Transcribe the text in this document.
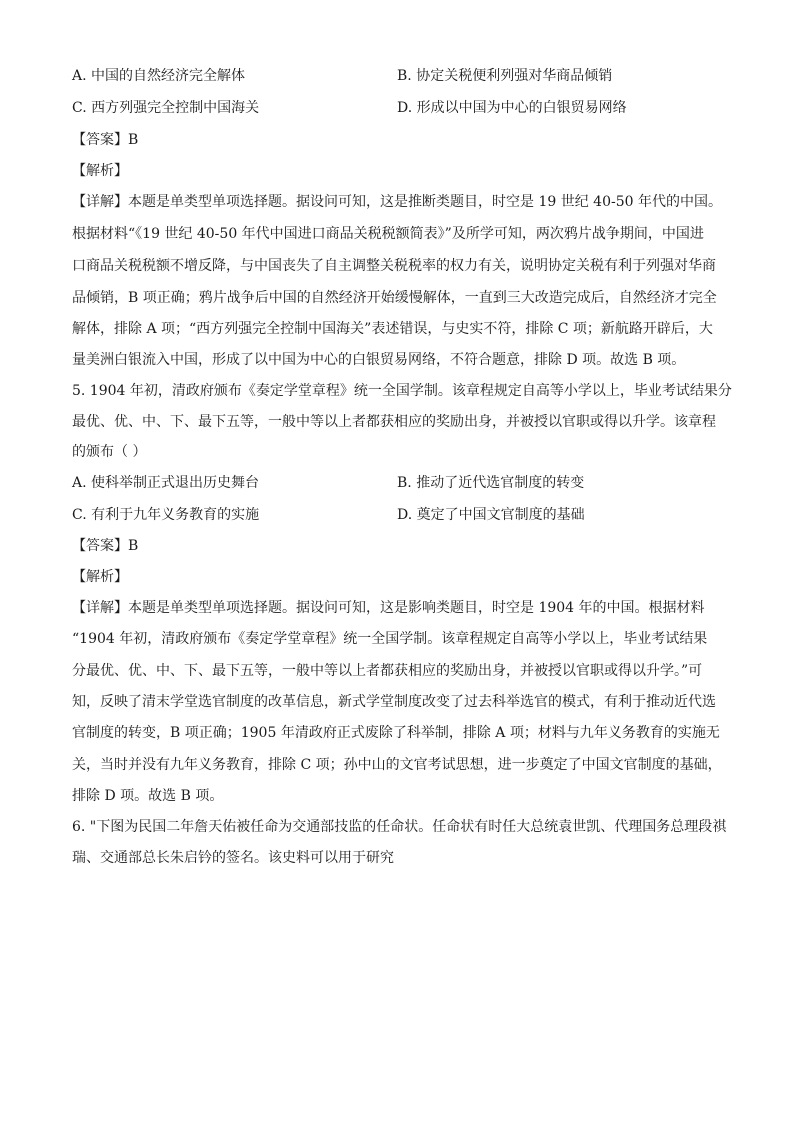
A. 中国的自然经济完全解体	B. 协定关税便利列强对华商品倾销
C. 西方列强完全控制中国海关	D. 形成以中国为中心的白银贸易网络
【答案】B
【解析】
【详解】本题是单类型单项选择题。据设问可知，这是推断类题目，时空是 19 世纪 40-50 年代的中国。
根据材料“《19 世纪 40-50 年代中国进口商品关税税额简表》”及所学可知，两次鸦片战争期间，中国进
口商品关税税额不增反降，与中国丧失了自主调整关税税率的权力有关，说明协定关税有利于列强对华商
品倾销，B 项正确；鸦片战争后中国的自然经济开始缓慢解体，一直到三大改造完成后，自然经济才完全
解体，排除 A 项；“西方列强完全控制中国海关”表述错误，与史实不符，排除 C 项；新航路开辟后，大
量美洲白银流入中国，形成了以中国为中心的白银贸易网络，不符合题意，排除 D 项。故选 B 项。
5. 1904 年初，清政府颁布《奏定学堂章程》统一全国学制。该章程规定自高等小学以上，毕业考试结果分
最优、优、中、下、最下五等，一般中等以上者都获相应的奖励出身，并被授以官职或得以升学。该章程
的颁布（ ）
A. 使科举制正式退出历史舞台	B. 推动了近代选官制度的转变
C. 有利于九年义务教育的实施	D. 奠定了中国文官制度的基础
【答案】B
【解析】
【详解】本题是单类型单项选择题。据设问可知，这是影响类题目，时空是 1904 年的中国。根据材料
“1904 年初，清政府颁布《奏定学堂章程》统一全国学制。该章程规定自高等小学以上，毕业考试结果
分最优、优、中、下、最下五等，一般中等以上者都获相应的奖励出身，并被授以官职或得以升学。”可
知，反映了清末学堂选官制度的改革信息，新式学堂制度改变了过去科举选官的模式，有利于推动近代选
官制度的转变，B 项正确；1905 年清政府正式废除了科举制，排除 A 项；材料与九年义务教育的实施无
关，当时并没有九年义务教育，排除 C 项；孙中山的文官考试思想，进一步奠定了中国文官制度的基础，
排除 D 项。故选 B 项。
6. "下图为民国二年詹天佑被任命为交通部技监的任命状。任命状有时任大总统袁世凯、代理国务总理段祺
瑞、交通部总长朱启钤的签名。该史料可以用于研究
